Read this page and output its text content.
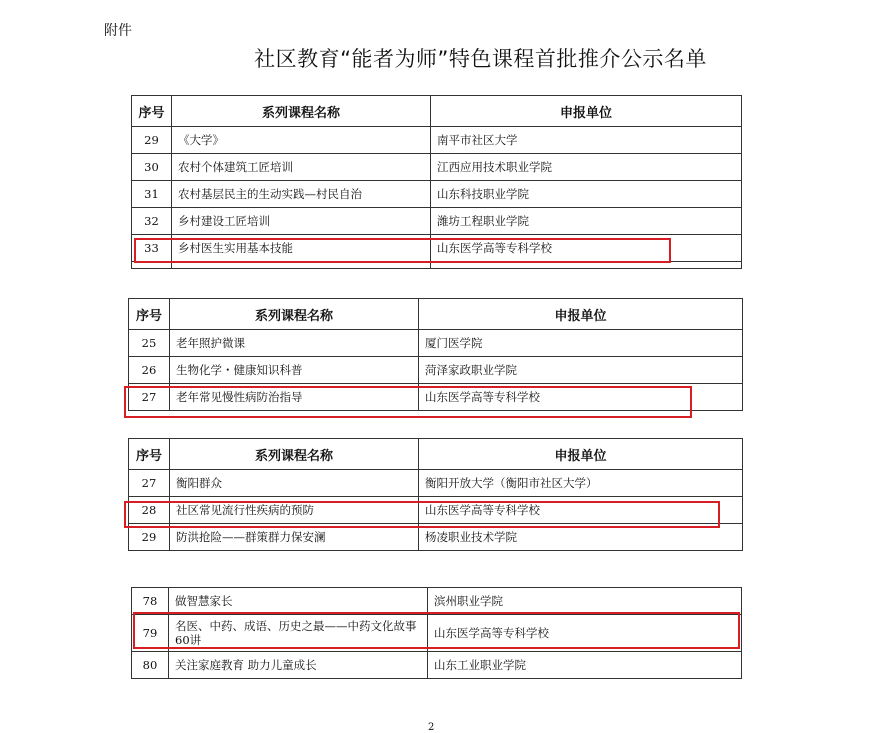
附件
社区教育“能者为师”特色课程首批推介公示名单
序号	系列课程名称	申报单位
29	《大学》	南平市社区大学
30	农村个体建筑工匠培训	江西应用技术职业学院
31	农村基层民主的生动实践—村民自治	山东科技职业学院
32	乡村建设工匠培训	潍坊工程职业学院
33	乡村医生实用基本技能	山东医学高等专科学校

序号	系列课程名称	申报单位
25	老年照护微课	厦门医学院
26	生物化学・健康知识科普	菏泽家政职业学院
27	老年常见慢性病防治指导	山东医学高等专科学校
序号	系列课程名称	申报单位
27	衡阳群众	衡阳开放大学（衡阳市社区大学）
28	社区常见流行性疾病的预防	山东医学高等专科学校
29	防洪抢险——群策群力保安澜	杨凌职业技术学院
78	做智慧家长	滨州职业学院
79	名医、中药、成语、历史之最——中药文化故事60讲	山东医学高等专科学校
80	关注家庭教育 助力儿童成长	山东工业职业学院
2
